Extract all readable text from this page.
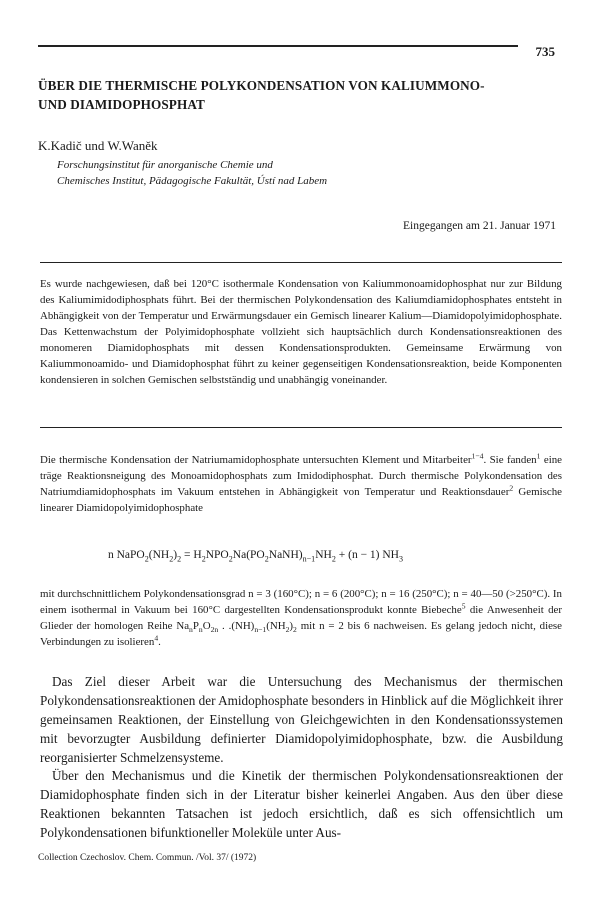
735
ÜBER DIE THERMISCHE POLYKONDENSATION VON KALIUMMONO-
UND DIAMIDOPHOSPHAT
K.Kadič und W.Waněk
Forschungsinstitut für anorganische Chemie und
Chemisches Institut, Pädagogische Fakultät, Ústí nad Labem
Eingegangen am 21. Januar 1971
Es wurde nachgewiesen, daß bei 120°C isothermale Kondensation von Kaliummonoamidophosphat nur zur Bildung des Kaliumimidodiphosphats führt. Bei der thermischen Polykondensation des Kaliumdiamidophosphates entsteht in Abhängigkeit von der Temperatur und Erwärmungsdauer ein Gemisch linearer Kalium—Diamidopolyimidophosphate. Das Kettenwachstum der Polyimidophosphate vollzieht sich hauptsächlich durch Kondensationsreaktionen des monomeren Diamidophosphats mit dessen Kondensationsprodukten. Gemeinsame Erwärmung von Kaliummonoamido- und Diamidophosphat führt zu keiner gegenseitigen Kondensationsreaktion, beide Komponenten kondensieren in solchen Gemischen selbstständig und unabhängig voneinander.
Die thermische Kondensation der Natriumamidophosphate untersuchten Klement und Mitarbeiter$^{1-4}$. Sie fanden$^1$ eine träge Reaktionsneigung des Monoamidophosphats zum Imidodiphosphat. Durch thermische Polykondensation des Natriumdiamidophosphats im Vakuum entstehen in Abhängigkeit von Temperatur und Reaktionsdauer$^2$ Gemische linearer Diamidopolyimidophosphate
n $NaPO_2(NH_2)_2$ = $H_2NPO_2Na(PO_2NaNH)_{n-1}NH_2 + (n - 1)$ $NH_3$
mit durchschnittlichem Polykondensationsgrad n = 3 (160°C); n = 6 (200°C); n = 16 (250°C); n = 40—50 (>250°C). In einem isothermal in Vakuum bei 160°C dargestellten Kondensationsprodukt konnte Biebeche$^5$ die Anwesenheit der Glieder der homologen Reihe $Na_nP_nO_{2n}$ . $.(NH)_{n-1}(NH_2)_2$ mit n = 2 bis 6 nachweisen. Es gelang jedoch nicht, diese Verbindungen zu isolieren$^4$.
Das Ziel dieser Arbeit war die Untersuchung des Mechanismus der thermischen Polykondensationsreaktionen der Amidophosphate besonders in Hinblick auf die Möglichkeit ihrer gemeinsamen Reaktionen, der Einstellung von Gleichgewichten in den Kondensationssystemen mit bevorzugter Ausbildung definierter Diamidopolyimidophosphate, bzw. die Ausbildung reorganisierter Schmelzensysteme.
Über den Mechanismus und die Kinetik der thermischen Polykondensationsreaktionen der Diamidophosphate finden sich in der Literatur bisher keinerlei Angaben. Aus den über diese Reaktionen bekannten Tatsachen ist jedoch ersichtlich, daß es sich offensichtlich um Polykondensationen bifunktioneller Moleküle unter Aus-
Collection Czechoslov. Chem. Commun. /Vol. 37/ (1972)
